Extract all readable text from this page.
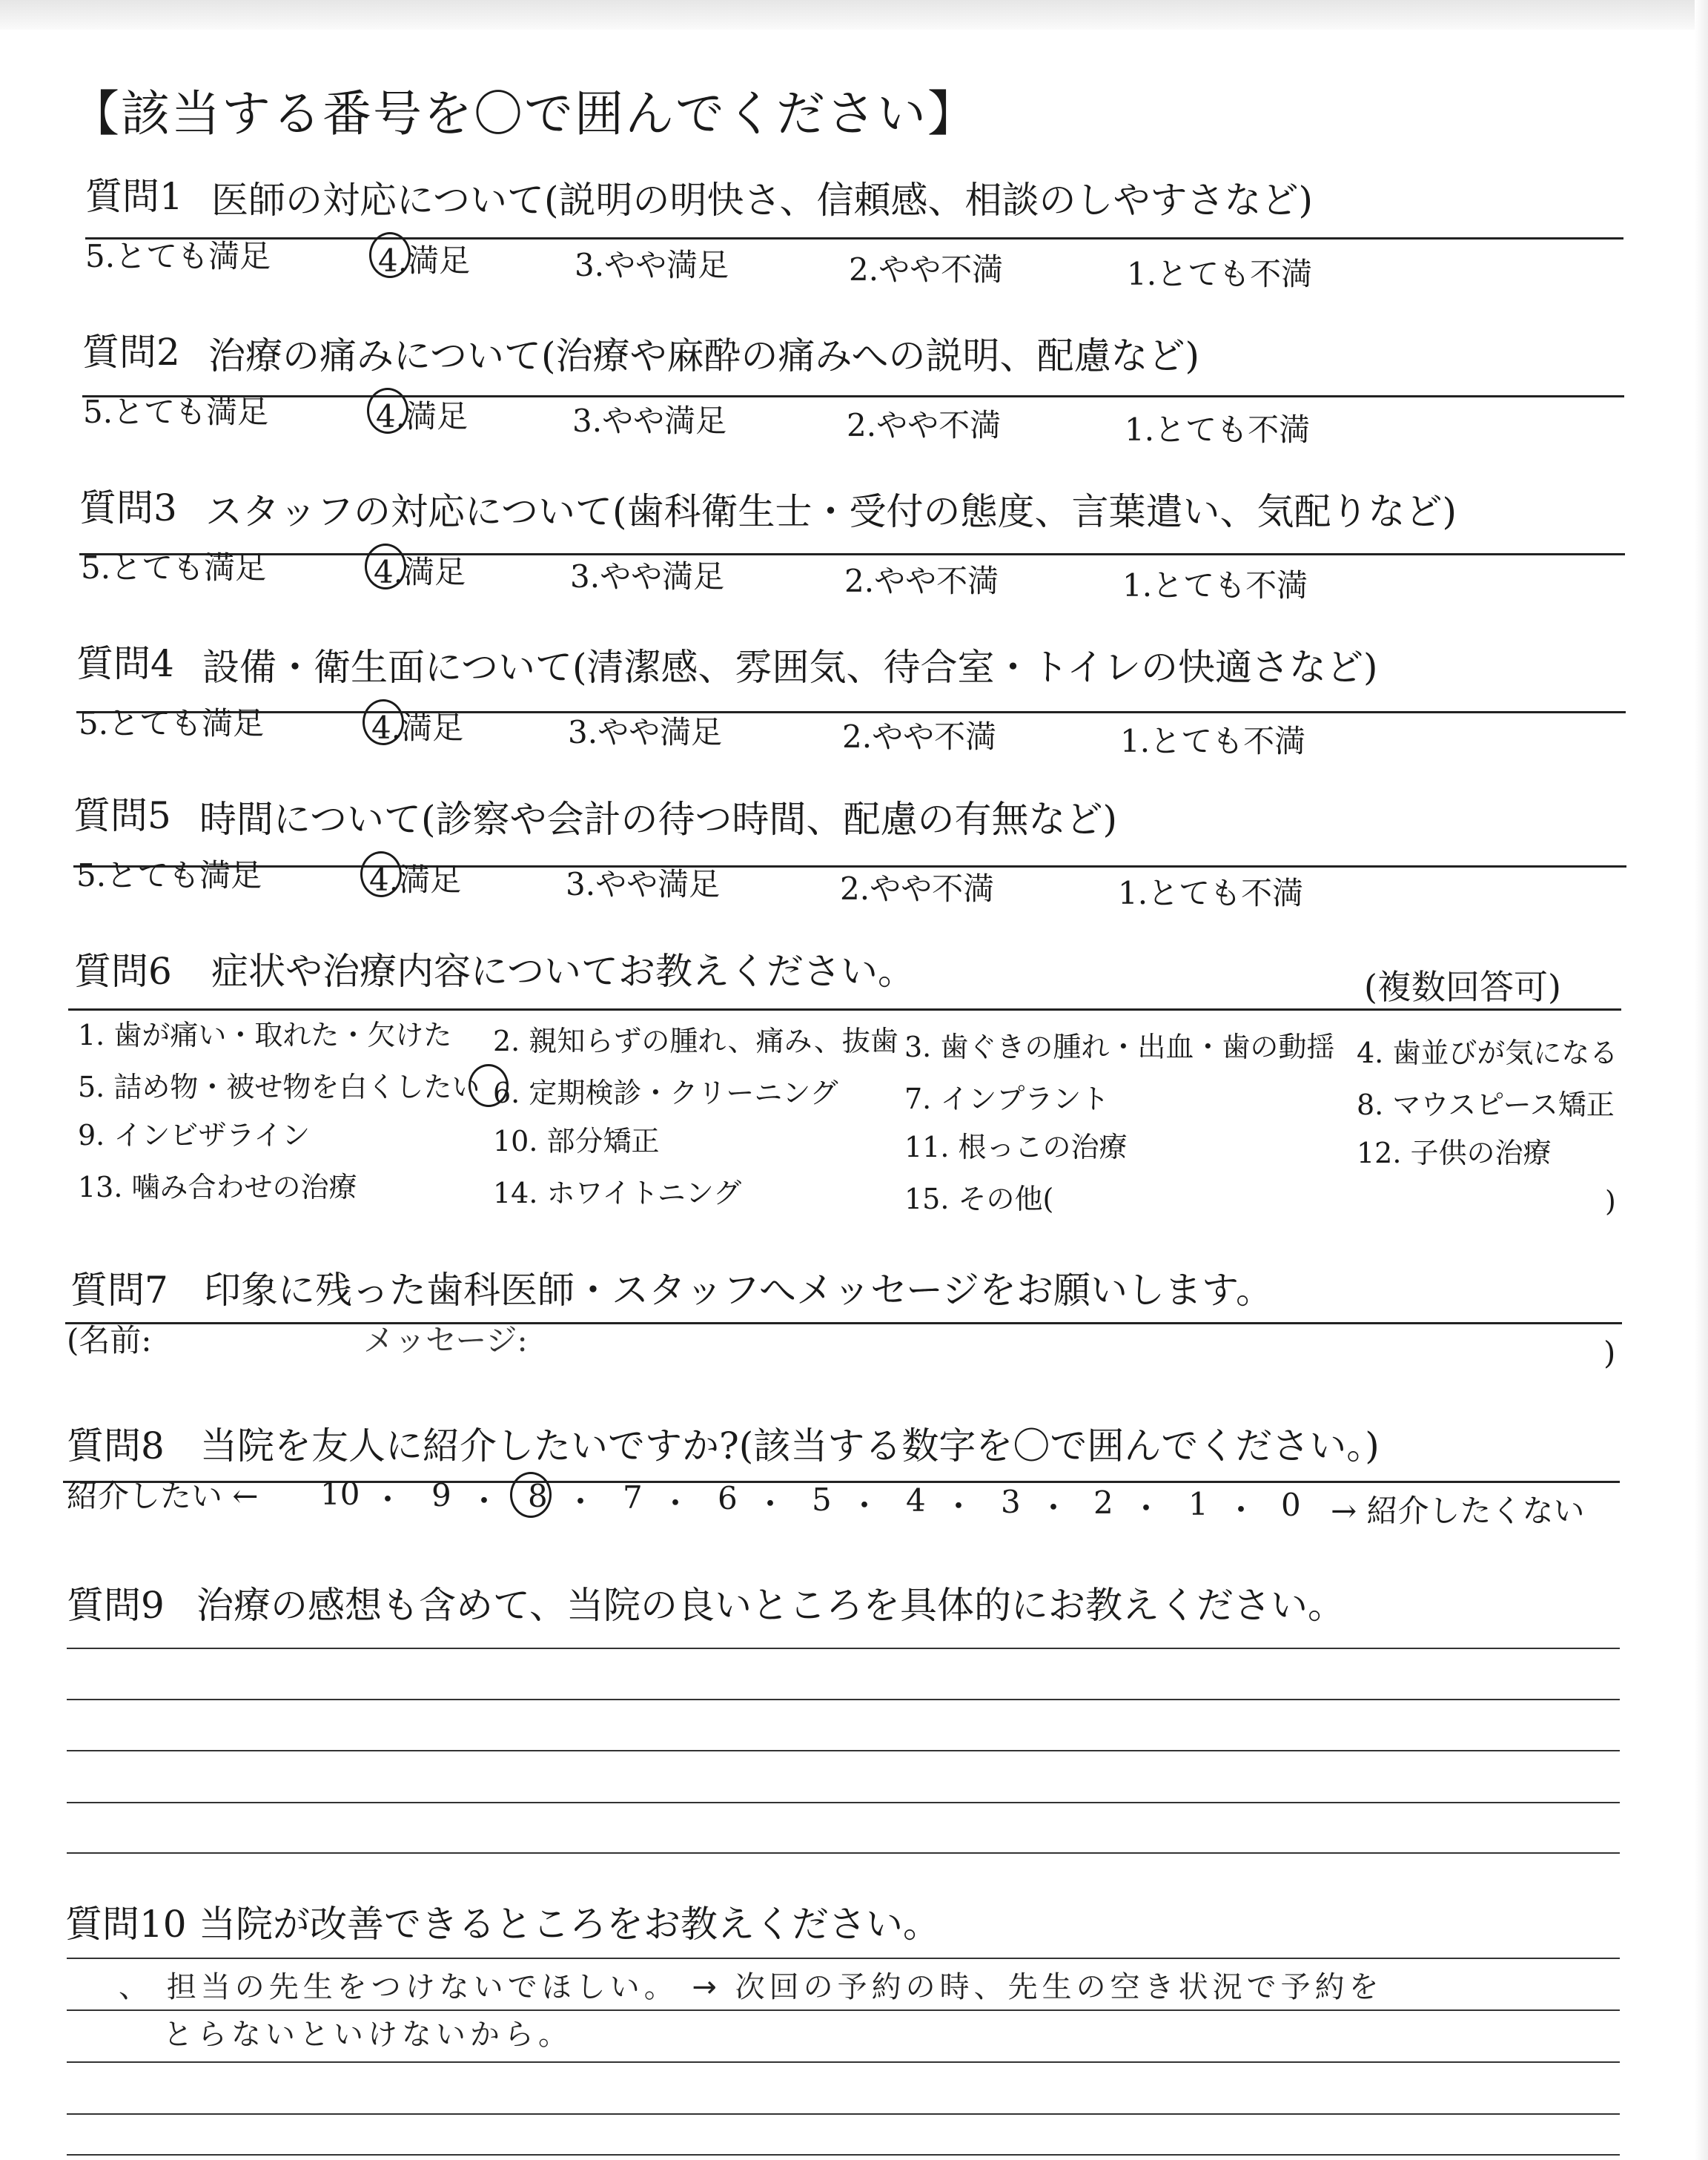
【該当する番号を〇で囲んでください】
質問1 医師の対応について(説明の明快さ、信頼感、相談のしやすさなど)
5.とても満足	4.満足	3.やや満足	2.やや不満	1.とても不満
質問2 治療の痛みについて(治療や麻酔の痛みへの説明、配慮など)
5.とても満足	4.満足	3.やや満足	2.やや不満	1.とても不満
質問3 スタッフの対応について(歯科衛生士・受付の態度、言葉遣い、気配りなど)
5.とても満足	4.満足	3.やや満足	2.やや不満	1.とても不満
質問4 設備・衛生面について(清潔感、雰囲気、待合室・トイレの快適さなど)
5.とても満足	4.満足	3.やや満足	2.やや不満	1.とても不満
質問5 時間について(診察や会計の待つ時間、配慮の有無など)
5.とても満足	4.満足	3.やや満足	2.やや不満	1.とても不満
質問6 症状や治療内容についてお教えください。	(複数回答可)
1. 歯が痛い・取れた・欠けた 2. 親知らずの腫れ、痛み、抜歯 3. 歯ぐきの腫れ・出血・歯の動揺 4. 歯並びが気になる
5. 詰め物・被せ物を白くしたい 6. 定期検診・クリーニング 7. インプラント	8. マウスピース矯正
9. インビザライン	10. 部分矯正	11. 根っこの治療	12. 子供の治療
13. 噛み合わせの治療	14. ホワイトニング	15. その他(	)
質問7 印象に残った歯科医師・スタッフへメッセージをお願いします。
(名前:	メッセージ:	)
質問8 当院を友人に紹介したいですか?(該当する数字を〇で囲んでください。)
紹介したい ←	→ 紹介したくない
10 ・ 9 ・ 8 ・ 7 ・ 6 ・ 5 ・ 4 ・ 3 ・ 2 ・ 1 ・ 0
質問9 治療の感想も含めて、当院の良いところを具体的にお教えください。
質問10 当院が改善できるところをお教えください。
、 担当の先生をつけないでほしい。 → 次回の予約の時、先生の空き状況で予約を
とらないといけないから。
